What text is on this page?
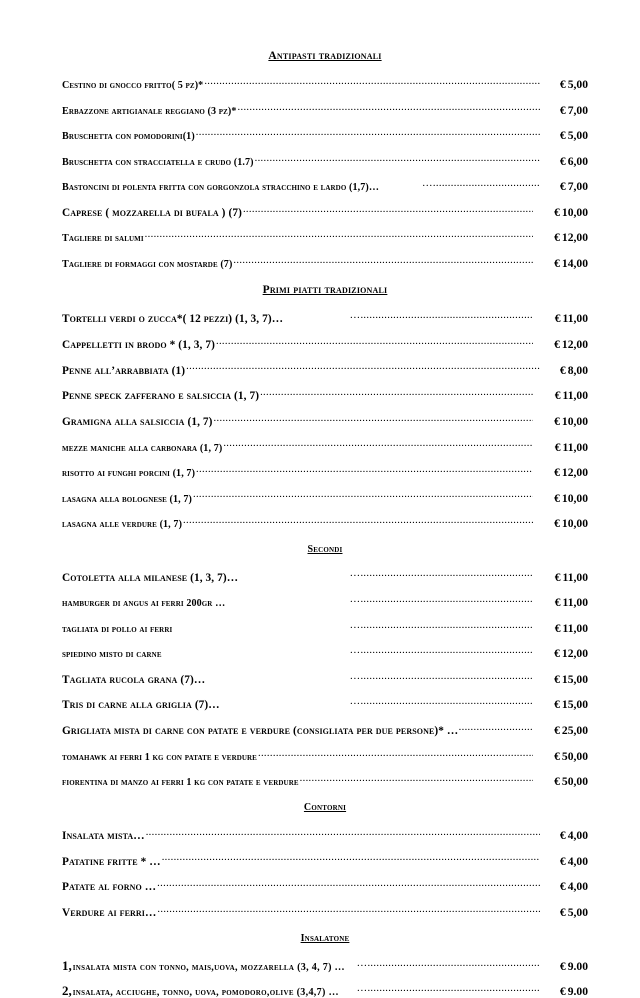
Antipasti tradizionali
Cestino di gnocco fritto( 5 pz)* .....	€ 5,00
Erbazzone artigianale reggiano (3 pz)* .....	€ 7,00
Bruschetta con pomodorini(1) .....	€ 5,00
Bruschetta con stracciatella e crudo (1.7) .....	€ 6,00
Bastoncini di polenta fritta con gorgonzola stracchino e lardo (1,7)… …....................................	€ 7,00
Caprese ( mozzarella di bufala ) (7) .....	€ 10,00
Tagliere di salumi .....	€ 12,00
Tagliere di formaggi con mostarde (7) .....	€ 14,00
Primi piatti tradizionali
Tortelli verdi o zucca*( 12 pezzi) (1, 3, 7)… …..........................................................	€ 11,00
Cappelletti in brodo * (1, 3, 7) .....	€ 12,00
Penne all’arrabbiata (1) .....	€ 8,00
Penne speck zafferano e salsiccia (1, 7) .....	€ 11,00
Gramigna alla salsiccia (1, 7) .....	€ 10,00
mezze maniche alla carbonara (1, 7) .....	€ 11,00
risotto ai funghi porcini (1, 7) .....	€ 12,00
lasagna alla bolognese (1, 7) .....	€ 10,00
lasagna alle verdure (1, 7) .....	€ 10,00
Secondi
Cotoletta alla milanese (1, 3, 7)… …..........................................................	€ 11,00
hamburger di angus ai ferri 200gr … …..........................................................	€ 11,00
tagliata di pollo ai ferri …..........................................................	€ 11,00
spiedino misto di carne …..........................................................	€ 12,00
Tagliata rucola grana (7)… …..........................................................	€ 15,00
Tris di carne alla griglia (7)… …..........................................................	€ 15,00
Grigliata mista di carne con patate e verdure (consigliata per due persone)* … …....................................	€ 25,00
tomahawk ai ferri 1 kg con patate e verdure .....	€ 50,00
fiorentina di manzo ai ferri 1 kg con patate e verdure .....	€ 50,00
Contorni
Insalata mista… .....	€ 4,00
Patatine fritte * … .....	€ 4,00
Patate al forno … .....	€ 4,00
Verdure ai ferri… .....	€ 5,00
Insalatone
1, insalata mista con tonno, mais,uova, mozzarella (3, 4, 7) … …..........................................................	€ 9.00
2, insalata, acciughe, tonno, uova, pomodoro,olive (3,4,7) … …..........................................................	€ 9.00
